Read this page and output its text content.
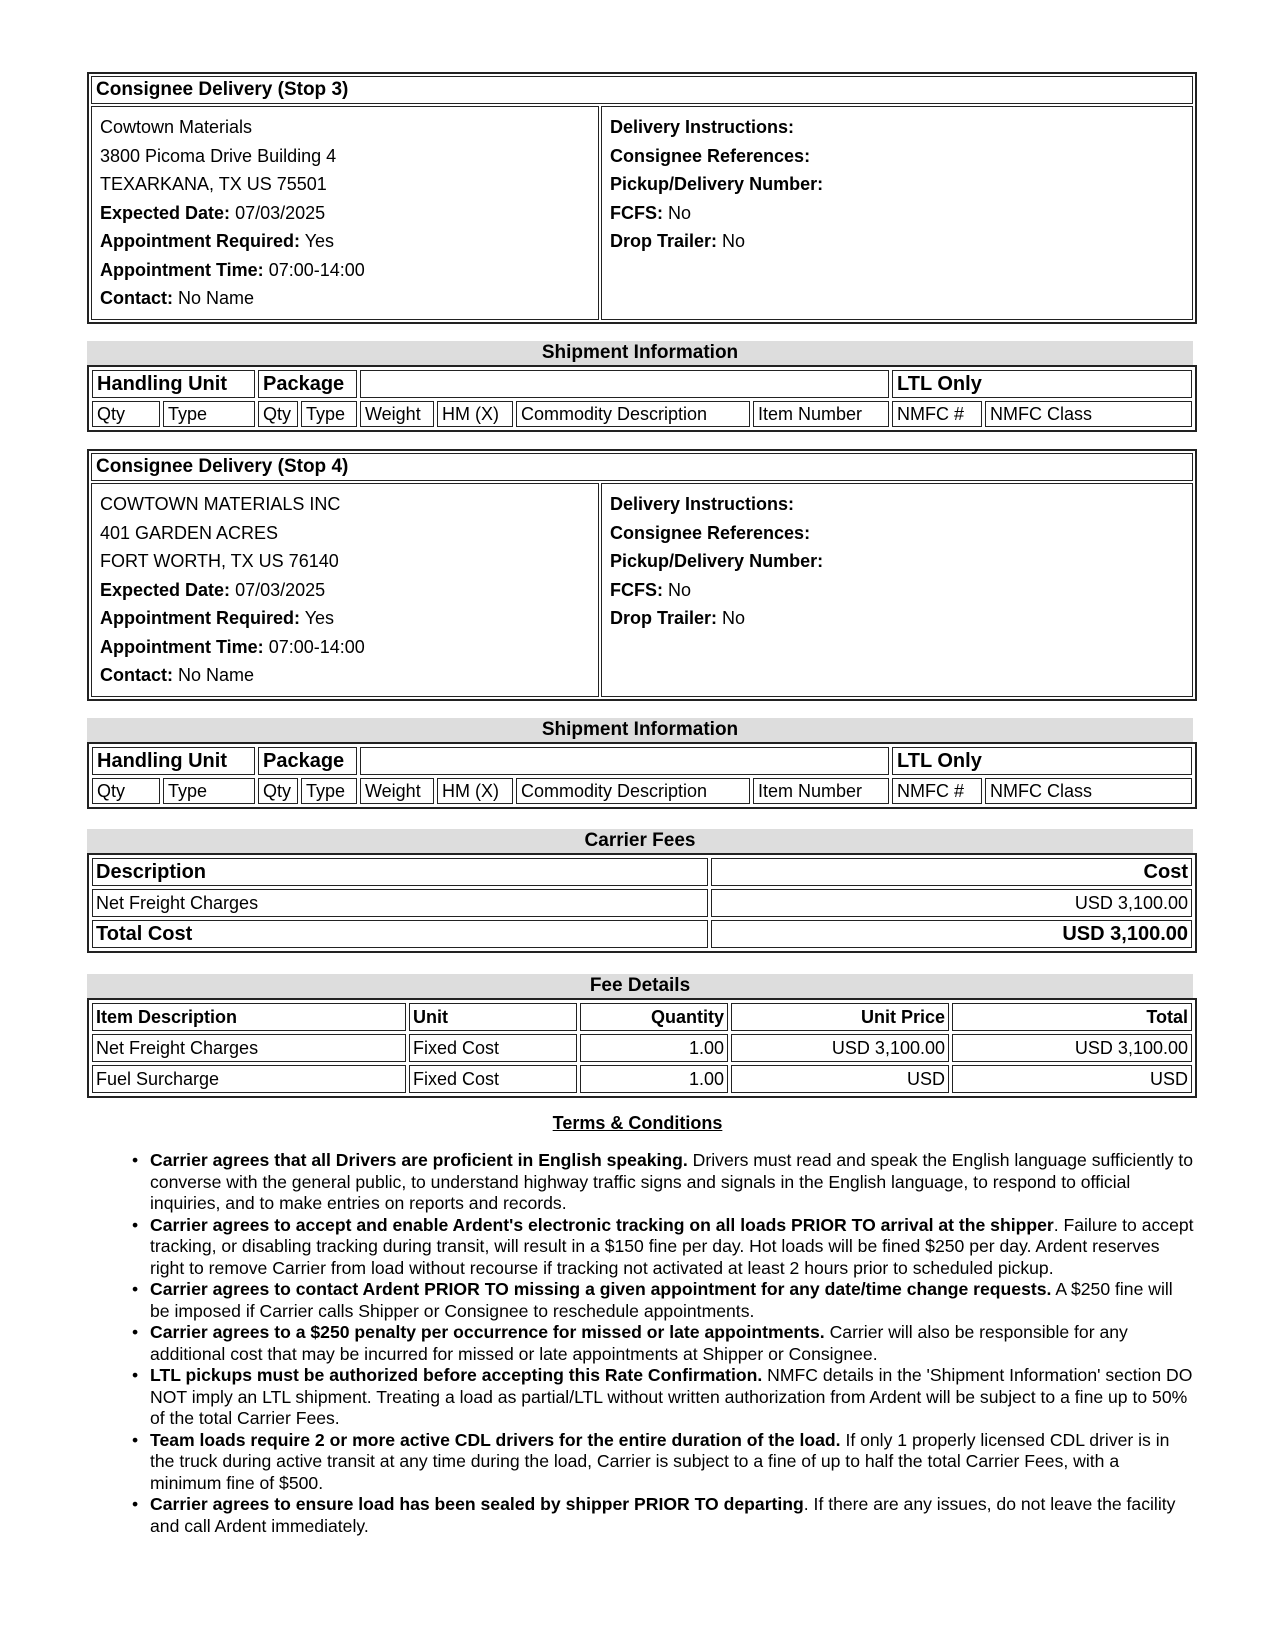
Consignee Delivery (Stop 3)

Cowtown Materials
3800 Picoma Drive Building 4
TEXARKANA, TX US 75501
Expected Date: 07/03/2025
Appointment Required: Yes
Appointment Time: 07:00-14:00
Contact: No Name

Delivery Instructions:
Consignee References:
Pickup/Delivery Number:
FCFS: No
Drop Trailer: No
Shipment Information
Handling Unit		Package						LTL Only	
Qty	Type	Qty	Type	Weight	HM (X)	Commodity Description	Item Number	NMFC #	NMFC Class
Consignee Delivery (Stop 4)

COWTOWN MATERIALS INC
401 GARDEN ACRES
FORT WORTH, TX US 76140
Expected Date: 07/03/2025
Appointment Required: Yes
Appointment Time: 07:00-14:00
Contact: No Name

Delivery Instructions:
Consignee References:
Pickup/Delivery Number:
FCFS: No
Drop Trailer: No
Shipment Information
Handling Unit		Package						LTL Only	
Qty	Type	Qty	Type	Weight	HM (X)	Commodity Description	Item Number	NMFC #	NMFC Class
Carrier Fees
Description	Cost
Net Freight Charges	USD 3,100.00
Total Cost	USD 3,100.00
Fee Details
Item Description	Unit	Quantity	Unit Price	Total
Net Freight Charges	Fixed Cost	1.00	USD 3,100.00	USD 3,100.00
Fuel Surcharge	Fixed Cost	1.00	USD	USD
Terms & Conditions
• Carrier agrees that all Drivers are proficient in English speaking. Drivers must read and speak the English language sufficiently to converse with the general public, to understand highway traffic signs and signals in the English language, to respond to official inquiries, and to make entries on reports and records.
• Carrier agrees to accept and enable Ardent's electronic tracking on all loads PRIOR TO arrival at the shipper. Failure to accept tracking, or disabling tracking during transit, will result in a $150 fine per day. Hot loads will be fined $250 per day. Ardent reserves right to remove Carrier from load without recourse if tracking not activated at least 2 hours prior to scheduled pickup.
• Carrier agrees to contact Ardent PRIOR TO missing a given appointment for any date/time change requests. A $250 fine will be imposed if Carrier calls Shipper or Consignee to reschedule appointments.
• Carrier agrees to a $250 penalty per occurrence for missed or late appointments. Carrier will also be responsible for any additional cost that may be incurred for missed or late appointments at Shipper or Consignee.
• LTL pickups must be authorized before accepting this Rate Confirmation. NMFC details in the 'Shipment Information' section DO NOT imply an LTL shipment. Treating a load as partial/LTL without written authorization from Ardent will be subject to a fine up to 50% of the total Carrier Fees.
• Team loads require 2 or more active CDL drivers for the entire duration of the load. If only 1 properly licensed CDL driver is in the truck during active transit at any time during the load, Carrier is subject to a fine of up to half the total Carrier Fees, with a minimum fine of $500.
• Carrier agrees to ensure load has been sealed by shipper PRIOR TO departing. If there are any issues, do not leave the facility and call Ardent immediately.
